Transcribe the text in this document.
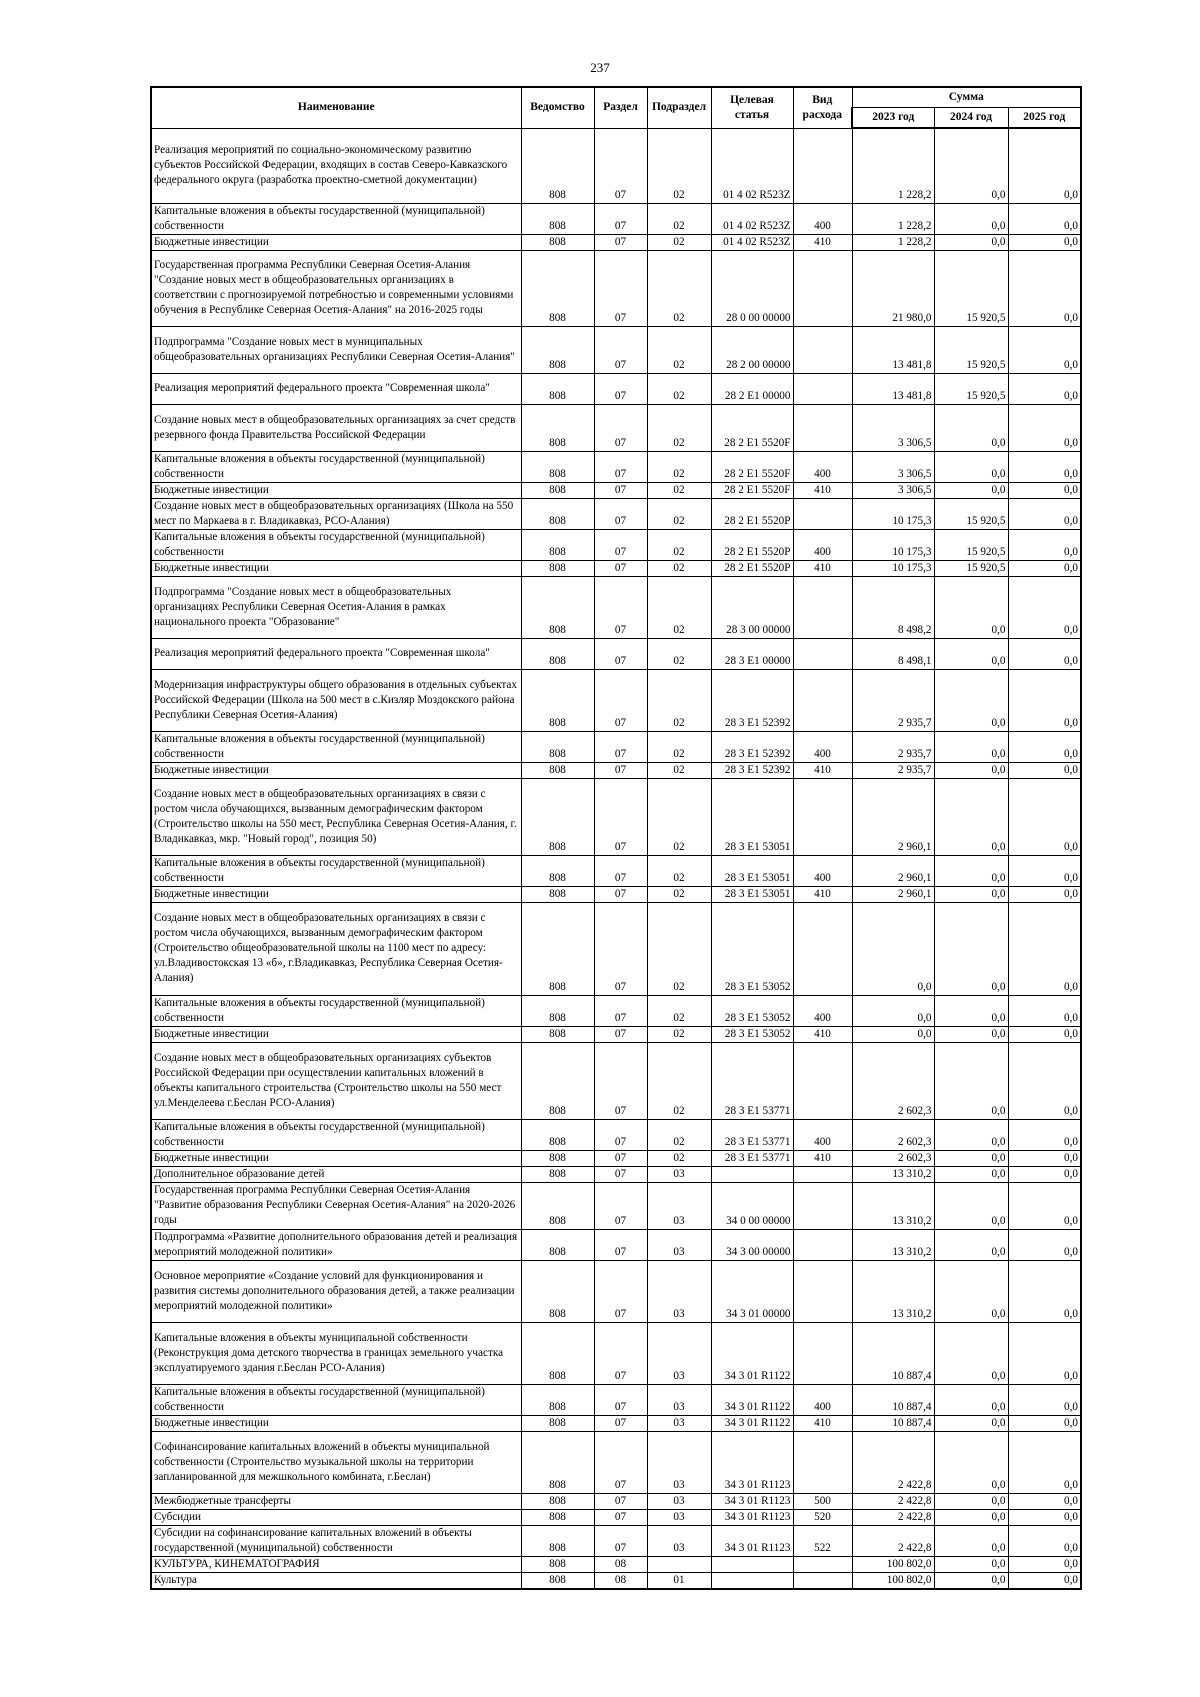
237
Наименование	Ведомство	Раздел	Подраздел	Целевая статья	Вид расхода	Сумма		
						2023 год	2024 год	2025 год
Реализация мероприятий по социально-экономическому развитию субъектов Российской Федерации, входящих в состав Северо-Кавказского федерального округа (разработка проектно-сметной документации)	808	07	02	01 4 02 R523Z		1 228,2	0,0	0,0
Капитальные вложения в объекты государственной (муниципальной) собственности	808	07	02	01 4 02 R523Z	400	1 228,2	0,0	0,0
Бюджетные инвестиции	808	07	02	01 4 02 R523Z	410	1 228,2	0,0	0,0
Государственная программа Республики Северная Осетия-Алания "Создание новых мест в общеобразовательных организациях в соответствии с прогнозируемой потребностью и современными условиями обучения в Республике Северная Осетия-Алания" на 2016-2025 годы	808	07	02	28 0 00 00000		21 980,0	15 920,5	0,0
Подпрограмма "Создание новых мест в муниципальных общеобразовательных организациях Республики Северная Осетия-Алания"	808	07	02	28 2 00 00000		13 481,8	15 920,5	0,0
Реализация мероприятий федерального проекта "Современная школа"	808	07	02	28 2 E1 00000		13 481,8	15 920,5	0,0
Создание новых мест в общеобразовательных организациях за счет средств резервного фонда Правительства Российской Федерации	808	07	02	28 2 E1 5520F		3 306,5	0,0	0,0
Капитальные вложения в объекты государственной (муниципальной) собственности	808	07	02	28 2 E1 5520F	400	3 306,5	0,0	0,0
Бюджетные инвестиции	808	07	02	28 2 E1 5520F	410	3 306,5	0,0	0,0
Создание новых мест в общеобразовательных организациях (Школа на 550 мест по Маркаева в г. Владикавказ, РСО-Алания)	808	07	02	28 2 E1 5520P		10 175,3	15 920,5	0,0
Капитальные вложения в объекты государственной (муниципальной) собственности	808	07	02	28 2 E1 5520P	400	10 175,3	15 920,5	0,0
Бюджетные инвестиции	808	07	02	28 2 E1 5520P	410	10 175,3	15 920,5	0,0
Подпрограмма "Создание новых мест в общеобразовательных организациях Республики Северная Осетия-Алания в рамках национального проекта "Образование"	808	07	02	28 3 00 00000		8 498,2	0,0	0,0
Реализация мероприятий федерального проекта "Современная школа"	808	07	02	28 3 E1 00000		8 498,1	0,0	0,0
Модернизация инфраструктуры общего образования в отдельных субъектах Российской Федерации (Школа на 500 мест в с.Кизляр Моздокского района Республики Северная Осетия-Алания)	808	07	02	28 3 E1 52392		2 935,7	0,0	0,0
Капитальные вложения в объекты государственной (муниципальной) собственности	808	07	02	28 3 E1 52392	400	2 935,7	0,0	0,0
Бюджетные инвестиции	808	07	02	28 3 E1 52392	410	2 935,7	0,0	0,0
Создание новых мест в общеобразовательных организациях в связи с ростом числа обучающихся, вызванным демографическим фактором (Строительство школы на 550 мест, Республика Северная Осетия-Алания, г. Владикавказ, мкр. "Новый город", позиция 50)	808	07	02	28 3 E1 53051		2 960,1	0,0	0,0
Капитальные вложения в объекты государственной (муниципальной) собственности	808	07	02	28 3 E1 53051	400	2 960,1	0,0	0,0
Бюджетные инвестиции	808	07	02	28 3 E1 53051	410	2 960,1	0,0	0,0
Создание новых мест в общеобразовательных организациях в связи с ростом числа обучающихся, вызванным демографическим фактором (Строительство общеобразовательной школы на 1100 мест по адресу: ул.Владивостокская 13 «б», г.Владикавказ, Республика Северная Осетия-Алания)	808	07	02	28 3 E1 53052		0,0	0,0	0,0
Капитальные вложения в объекты государственной (муниципальной) собственности	808	07	02	28 3 E1 53052	400	0,0	0,0	0,0
Бюджетные инвестиции	808	07	02	28 3 E1 53052	410	0,0	0,0	0,0
Создание новых мест в общеобразовательных организациях субъектов Российской Федерации при осуществлении капитальных вложений в объекты капитального строительства (Строительство школы на 550 мест ул.Менделеева г.Беслан РСО-Алания)	808	07	02	28 3 E1 53771		2 602,3	0,0	0,0
Капитальные вложения в объекты государственной (муниципальной) собственности	808	07	02	28 3 E1 53771	400	2 602,3	0,0	0,0
Бюджетные инвестиции	808	07	02	28 3 E1 53771	410	2 602,3	0,0	0,0
Дополнительное образование детей	808	07	03			13 310,2	0,0	0,0
Государственная программа Республики Северная Осетия-Алания "Развитие образования Республики Северная Осетия-Алания" на 2020-2026 годы	808	07	03	34 0 00 00000		13 310,2	0,0	0,0
Подпрограмма «Развитие дополнительного образования детей и реализация мероприятий молодежной политики»	808	07	03	34 3 00 00000		13 310,2	0,0	0,0
Основное мероприятие «Создание условий для функционирования и развития системы дополнительного образования детей, а также реализации мероприятий молодежной политики»	808	07	03	34 3 01 00000		13 310,2	0,0	0,0
Капитальные вложения в объекты муниципальной собственности (Реконструкция дома детского творчества в границах земельного участка эксплуатируемого здания г.Беслан РСО-Алания)	808	07	03	34 3 01 R1122		10 887,4	0,0	0,0
Капитальные вложения в объекты государственной (муниципальной) собственности	808	07	03	34 3 01 R1122	400	10 887,4	0,0	0,0
Бюджетные инвестиции	808	07	03	34 3 01 R1122	410	10 887,4	0,0	0,0
Софинансирование капитальных вложений в объекты муниципальной собственности (Строительство музыкальной школы на территории запланированной для межшкольного комбината, г.Беслан)	808	07	03	34 3 01 R1123		2 422,8	0,0	0,0
Межбюджетные трансферты	808	07	03	34 3 01 R1123	500	2 422,8	0,0	0,0
Субсидии	808	07	03	34 3 01 R1123	520	2 422,8	0,0	0,0
Субсидии на софинансирование капитальных вложений в объекты государственной (муниципальной) собственности	808	07	03	34 3 01 R1123	522	2 422,8	0,0	0,0
КУЛЬТУРА, КИНЕМАТОГРАФИЯ	808	08				100 802,0	0,0	0,0
Культура	808	08	01			100 802,0	0,0	0,0
